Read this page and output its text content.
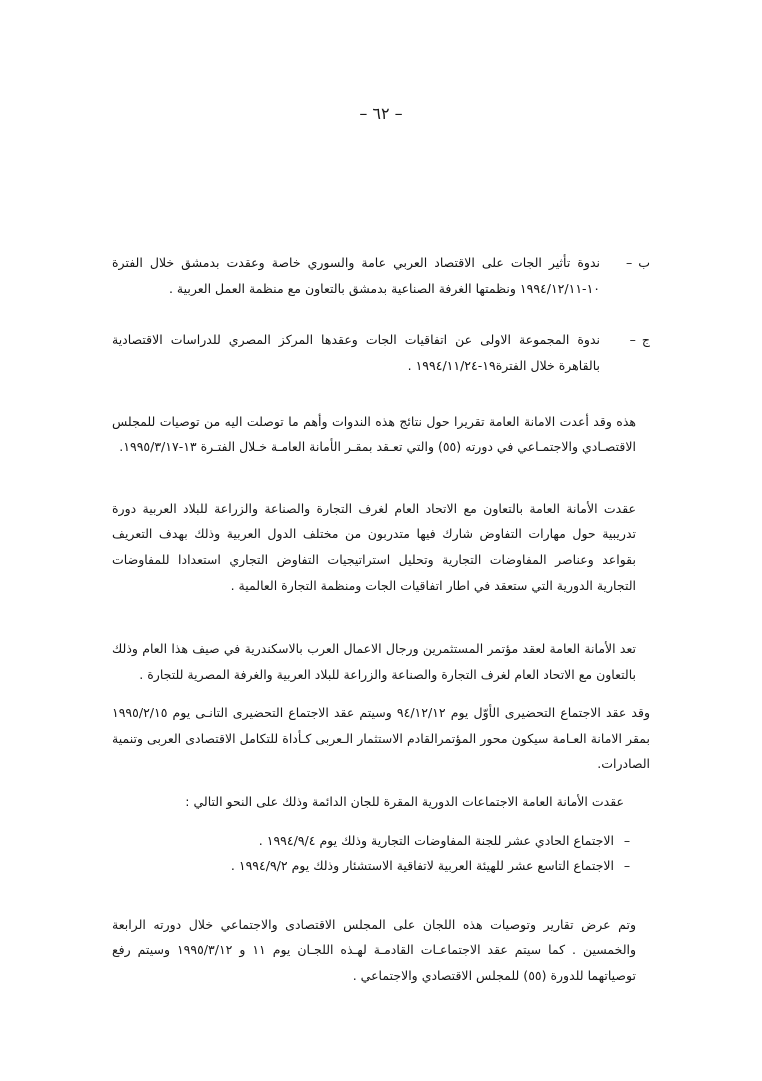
– ٦٢ –
ب–
ندوة تأثير الجات على الاقتصاد العربي عامة والسوري خاصة وعقدت بدمشق خلال الفترة ١٠-١٩٩٤/١٢/١١ ونظمتها الغرفة الصناعية بدمشق بالتعاون مع منظمة العمل العربية .
ج–
ندوة المجموعة الاولى عن اتفاقيات الجات وعقدها المركز المصري للدراسات الاقتصادية بالقاهرة خلال الفترة١٩-١٩٩٤/١١/٢٤ .

هذه وقد أعدت الامانة العامة تقريرا حول نتائج هذه الندوات وأهم ما توصلت اليه من توصيات للمجلس الاقتصـادي والاجتمـاعي في دورته (٥٥) والتي تعـقد بمقـر الأمانة العامـة خـلال الفتـرة ١٣-١٩٩٥/٣/١٧.

عقدت الأمانة العامة بالتعاون مع الاتحاد العام لغرف التجارة والصناعة والزراعة للبلاد العربية دورة تدريبية حول مهارات التفاوض شارك فيها متدربون من مختلف الدول العربية وذلك بهدف التعريف بقواعد وعناصر المفاوضات التجارية وتحليل استراتيجيات التفاوض التجاري استعدادا للمفاوضات التجارية الدورية التي ستعقد في اطار اتفاقيات الجات ومنظمة التجارة العالمية .

تعد الأمانة العامة لعقد مؤتمر المستثمرين ورجال الاعمال العرب بالاسكندرية في صيف هذا العام وذلك بالتعاون مع الاتحاد العام لغرف التجارة والصناعة والزراعة للبلاد العربية والغرفة المصرية للتجارة .

وقد عقد الاجتماع التحضيرى الأوّل يوم ٩٤/١٢/١٢ وسيتم عقد الاجتماع التحضيرى التانـى يوم ١٩٩٥/٢/١٥ بمقر الامانة العـامة سيكون محور المؤتمرالقادم الاستثمار الـعربى كـأداة للتكامل الاقتصادى العربى وتنمية الصادرات.

عقدت الأمانة العامة الاجتماعات الدورية المقرة للجان الدائمة وذلك على النحو التالي :

–
الاجتماع الحادي عشر للجنة المفاوضات التجارية وذلك يوم ١٩٩٤/٩/٤ .
–
الاجتماع التاسع عشر للهيئة العربية لاتفاقية الاستشئار وذلك يوم ١٩٩٤/٩/٢ .

وتم عرض تقارير وتوصيات هذه اللجان على المجلس الاقتصادى والاجتماعي خلال دورته الرابعة والخمسين . كما سيتم عقد الاجتماعـات القادمـة لهـذه اللجـان يوم ١١ و ١٩٩٥/٣/١٢ وسيتم رفع توصياتهما للدورة (٥٥) للمجلس الاقتصادي والاجتماعي .
